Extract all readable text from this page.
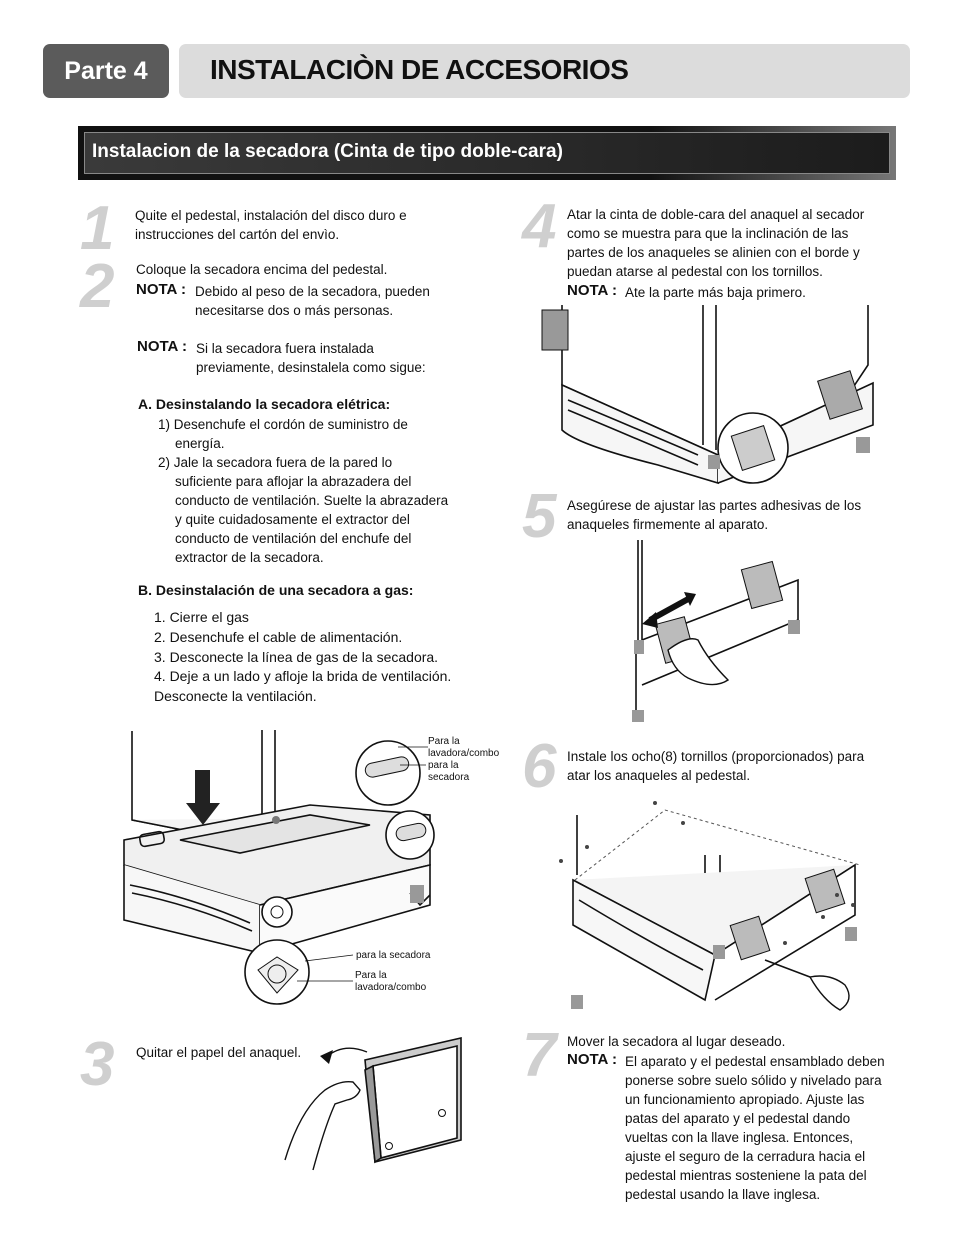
Parte 4 INSTALACIÒN DE ACCESORIOS
Instalacion de la secadora (Cinta de tipo doble-cara)
1 Quite el pedestal, instalación del disco duro e
instrucciones del cartón del envìo.
2 Coloque la secadora encima del pedestal.
NOTA : Debido al peso de la secadora, pueden
necesitarse dos o más personas.
NOTA : Si la secadora fuera instalada
previamente, desinstalela como sigue:
A. Desinstalando la secadora elétrica:
1) Desenchufe el cordón de suministro de
energía.
2) Jale la secadora fuera de la pared lo
suficiente para aflojar la abrazadera del
conducto de ventilación. Suelte la abrazadera
y quite cuidadosamente el extractor del
conducto de ventilación del enchufe del
extractor de la secadora.
B. Desinstalación de una secadora a gas:
1. Cierre el gas
2. Desenchufe el cable de alimentación.
3. Desconecte la línea de gas de la secadora.
4. Deje a un lado y afloje la brida de ventilación.
Desconecte la ventilación.
Para la
lavadora/combo
para la
secadora
para la secadora
Para la
lavadora/combo
3 Quitar el papel del anaquel.
4 Atar la cinta de doble-cara del anaquel al secador
como se muestra para que la inclinación de las
partes de los anaqueles se alinien con el borde y
puedan atarse al pedestal con los tornillos.
NOTA : Ate la parte más baja primero.
5 Asegúrese de ajustar las partes adhesivas de los
anaqueles firmemente al aparato.
6 Instale los ocho(8) tornillos (proporcionados) para
atar los anaqueles al pedestal.
7 Mover la secadora al lugar deseado.
NOTA : El aparato y el pedestal ensamblado deben
ponerse sobre suelo sólido y nivelado para
un funcionamiento apropiado. Ajuste las
patas del aparato y el pedestal dando
vueltas con la llave inglesa. Entonces,
ajuste el seguro de la cerradura hacia el
pedestal mientras sosteniene la pata del
pedestal usando la llave inglesa.
